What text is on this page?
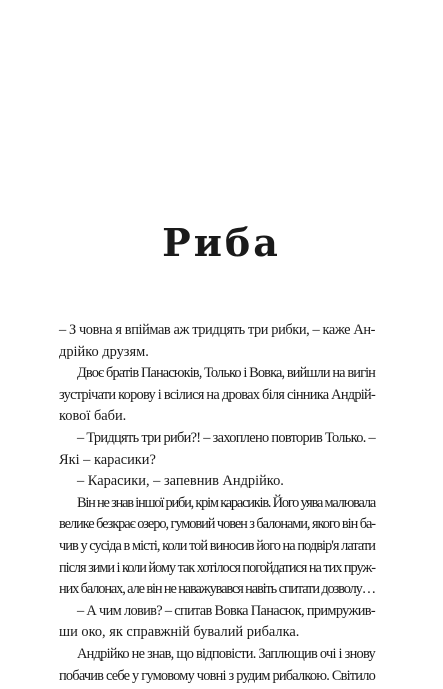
Риба
– З човна я впіймав аж тридцять три рибки, – каже Ан-
дрійко друзям.
Двоє братів Панасюків, Только і Вовка, вийшли на вигін
зустрічати корову і всілися на дровах біля сінника Андрій-
кової баби.
– Тридцять три риби?! – захоплено повторив Только. –
Які – карасики?
– Карасики, – запевнив Андрійко.
Він не знав іншої риби, крім карасиків. Його уява малювала
велике безкрає озеро, гумовий човен з балонами, якого він ба-
чив у сусіда в місті, коли той виносив його на подвір'я латати
після зими і коли йому так хотілося погойдатися на тих пруж-
них балонах, але він не наважувався навіть спитати дозволу…
– А чим ловив? – спитав Вовка Панасюк, примружив-
ши око, як справжній бувалий рибалка.
Андрійко не знав, що відповісти. Заплющив очі і знову
побачив себе у гумовому човні з рудим рибалкою. Світило
